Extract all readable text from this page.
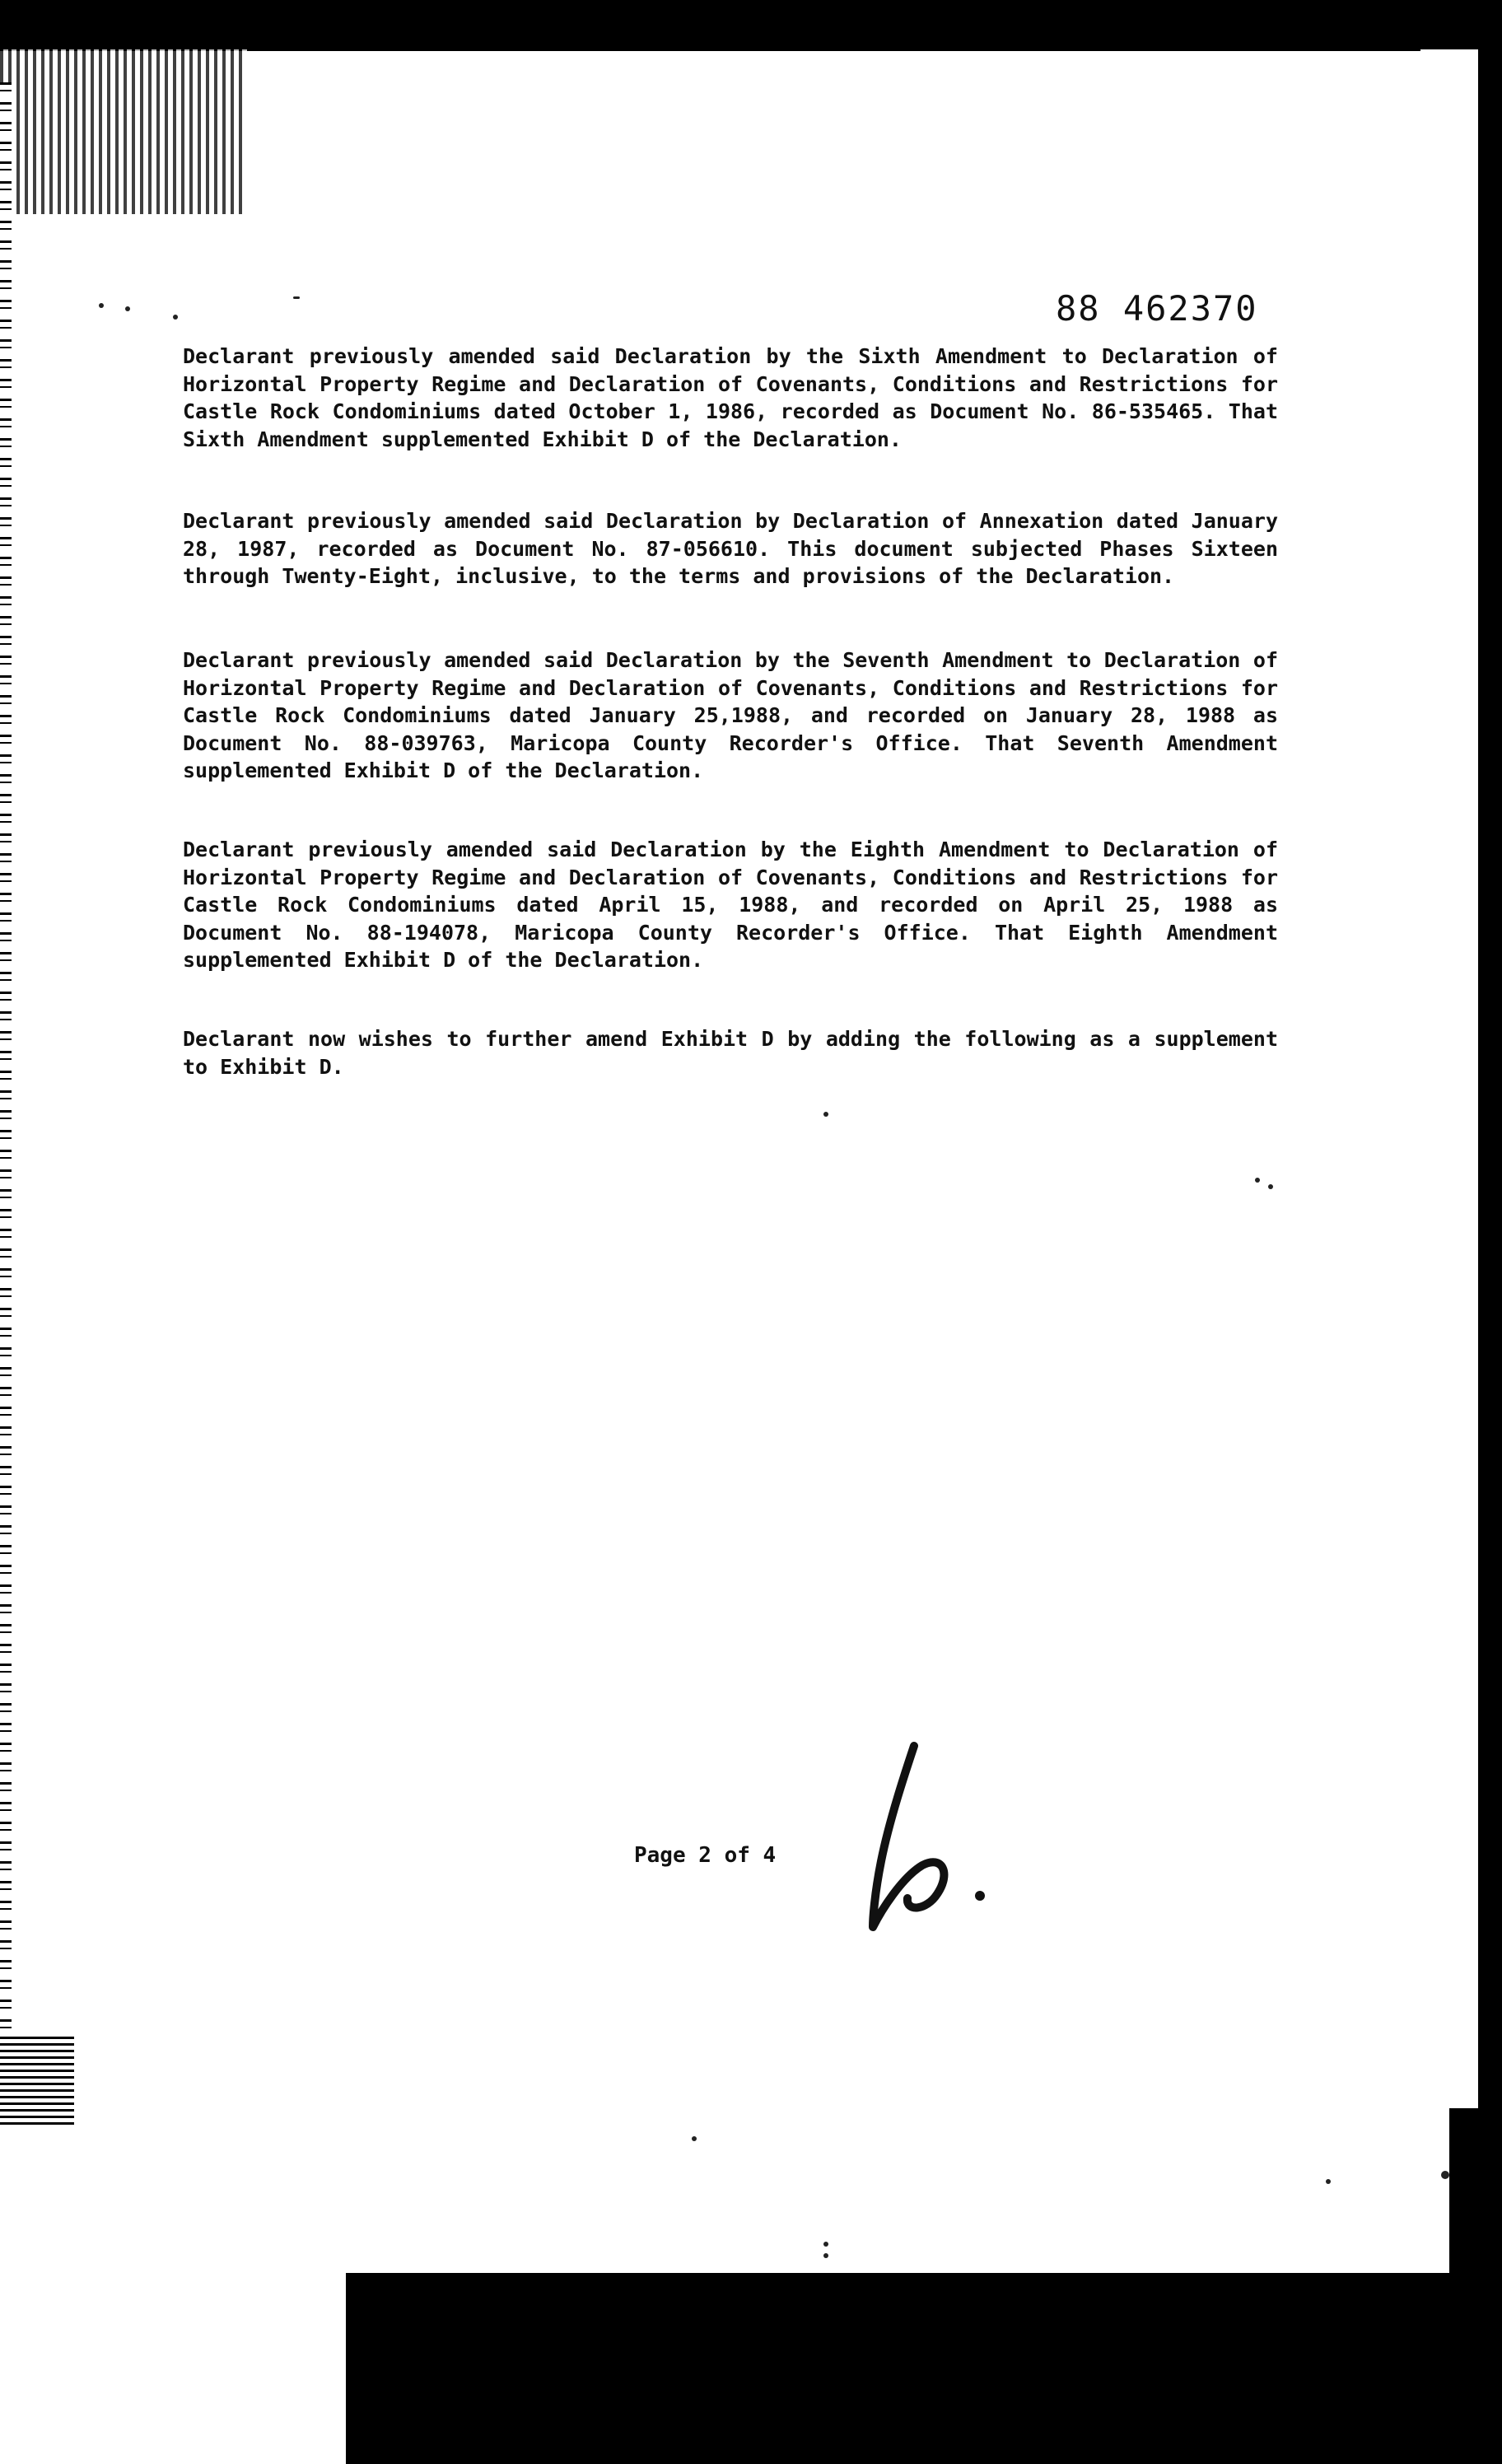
88 462370
Declarant previously amended said Declaration by the Sixth Amendment to Declaration of Horizontal Property Regime and Declaration of Covenants, Conditions and Restrictions for Castle Rock Condominiums dated October 1, 1986, recorded as Document No. 86-535465. That Sixth Amendment supplemented Exhibit D of the Declaration.
Declarant previously amended said Declaration by Declaration of Annexation dated January 28, 1987, recorded as Document No. 87-056610. This document subjected Phases Sixteen through Twenty-Eight, inclusive, to the terms and provisions of the Declaration.
Declarant previously amended said Declaration by the Seventh Amendment to Declaration of Horizontal Property Regime and Declaration of Covenants, Conditions and Restrictions for Castle Rock Condominiums dated January 25,1988, and recorded on January 28, 1988 as Document No. 88-039763, Maricopa County Recorder's Office. That Seventh Amendment supplemented Exhibit D of the Declaration.
Declarant previously amended said Declaration by the Eighth Amendment to Declaration of Horizontal Property Regime and Declaration of Covenants, Conditions and Restrictions for Castle Rock Condominiums dated April 15, 1988, and recorded on April 25, 1988 as Document No. 88-194078, Maricopa County Recorder's Office. That Eighth Amendment supplemented Exhibit D of the Declaration.
Declarant now wishes to further amend Exhibit D by adding the following as a supplement to Exhibit D.
Page 2 of 4
